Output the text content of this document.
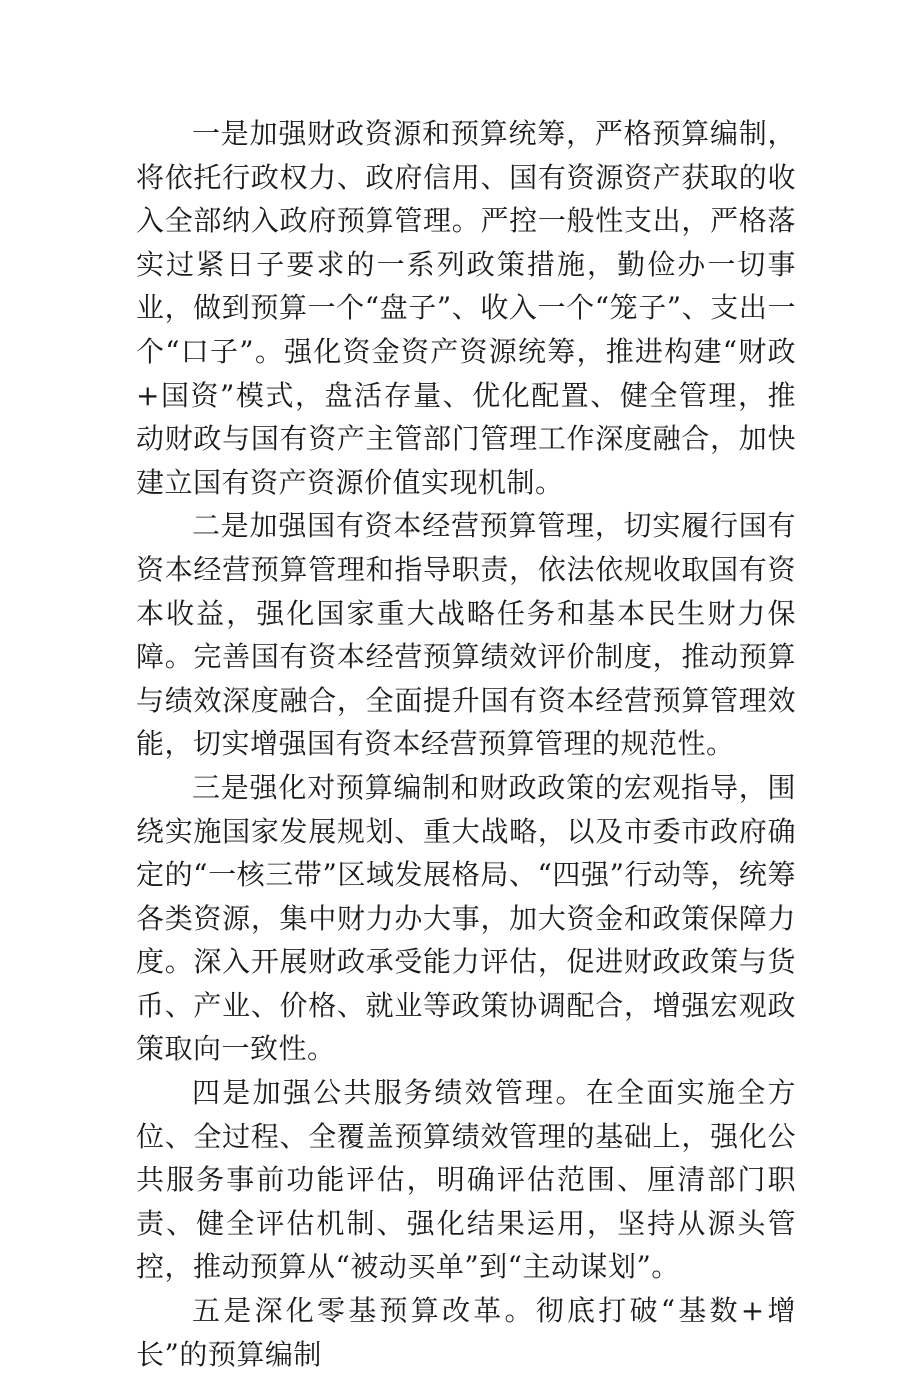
一是加强财政资源和预算统筹，严格预算编制，将依托行政权力、政府信用、国有资源资产获取的收入全部纳入政府预算管理。严控一般性支出，严格落实过紧日子要求的一系列政策措施，勤俭办一切事业，做到预算一个“盘子”、收入一个“笼子”、支出一个“口子”。强化资金资产资源统筹，推进构建“财政+国资”模式，盘活存量、优化配置、健全管理，推动财政与国有资产主管部门管理工作深度融合，加快建立国有资产资源价值实现机制。

二是加强国有资本经营预算管理，切实履行国有资本经营预算管理和指导职责，依法依规收取国有资本收益，强化国家重大战略任务和基本民生财力保障。完善国有资本经营预算绩效评价制度，推动预算与绩效深度融合，全面提升国有资本经营预算管理效能，切实增强国有资本经营预算管理的规范性。

三是强化对预算编制和财政政策的宏观指导，围绕实施国家发展规划、重大战略，以及市委市政府确定的“一核三带”区域发展格局、“四强”行动等，统筹各类资源，集中财力办大事，加大资金和政策保障力度。深入开展财政承受能力评估，促进财政政策与货币、产业、价格、就业等政策协调配合，增强宏观政策取向一致性。

四是加强公共服务绩效管理。在全面实施全方位、全过程、全覆盖预算绩效管理的基础上，强化公共服务事前功能评估，明确评估范围、厘清部门职责、健全评估机制、强化结果运用，坚持从源头管控，推动预算从“被动买单”到“主动谋划”。

五是深化零基预算改革。彻底打破“基数+增长”的预算编制
